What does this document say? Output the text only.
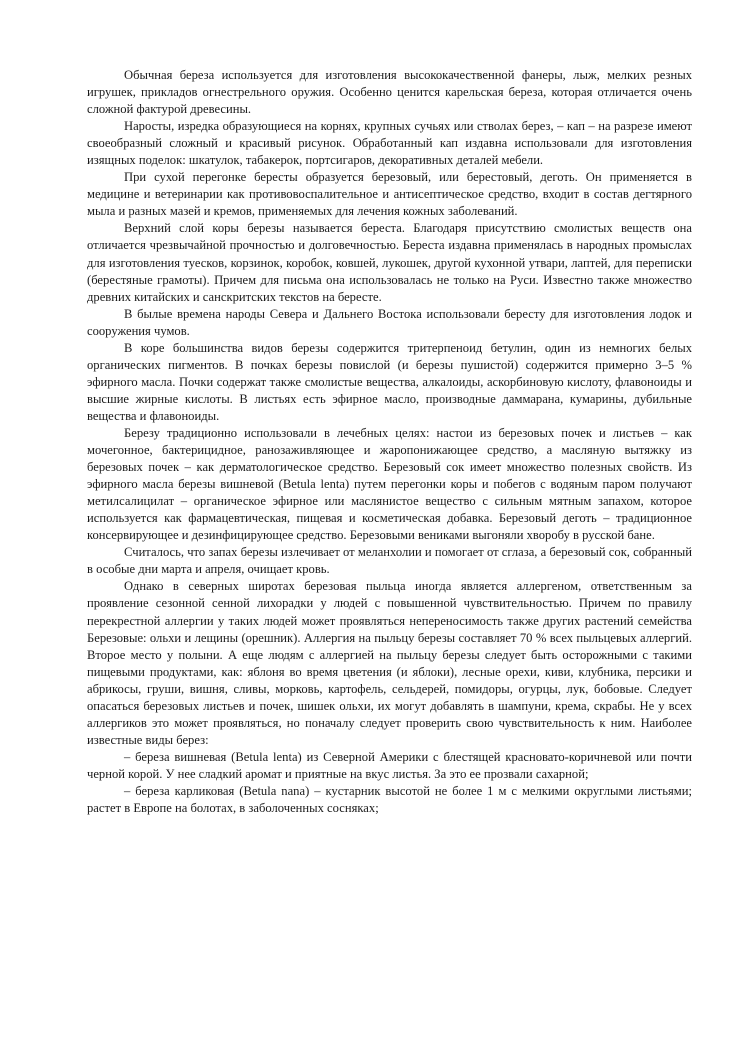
Обычная береза используется для изготовления высококачественной фанеры, лыж, мелких резных игрушек, прикладов огнестрельного оружия. Особенно ценится карельская береза, которая отличается очень сложной фактурой древесины.

Наросты, изредка образующиеся на корнях, крупных сучьях или стволах берез, – кап – на разрезе имеют своеобразный сложный и красивый рисунок. Обработанный кап издавна использовали для изготовления изящных поделок: шкатулок, табакерок, портсигаров, декоративных деталей мебели.

При сухой перегонке бересты образуется березовый, или берестовый, деготь. Он применяется в медицине и ветеринарии как противовоспалительное и антисептическое средство, входит в состав дегтярного мыла и разных мазей и кремов, применяемых для лечения кожных заболеваний.

Верхний слой коры березы называется береста. Благодаря присутствию смолистых веществ она отличается чрезвычайной прочностью и долговечностью. Береста издавна применялась в народных промыслах для изготовления туесков, корзинок, коробок, ковшей, лукошек, другой кухонной утвари, лаптей, для переписки (берестяные грамоты). Причем для письма она использовалась не только на Руси. Известно также множество древних китайских и санскритских текстов на бересте.

В былые времена народы Севера и Дальнего Востока использовали бересту для изготовления лодок и сооружения чумов.

В коре большинства видов березы содержится тритерпеноид бетулин, один из немногих белых органических пигментов. В почках березы повислой (и березы пушистой) содержится примерно 3–5 % эфирного масла. Почки содержат также смолистые вещества, алкалоиды, аскорбиновую кислоту, флавоноиды и высшие жирные кислоты. В листьях есть эфирное масло, производные даммарана, кумарины, дубильные вещества и флавоноиды.

Березу традиционно использовали в лечебных целях: настои из березовых почек и листьев – как мочегонное, бактерицидное, ранозаживляющее и жаропонижающее средство, а масляную вытяжку из березовых почек – как дерматологическое средство. Березовый сок имеет множество полезных свойств. Из эфирного масла березы вишневой (Betula lenta) путем перегонки коры и побегов с водяным паром получают метилсалицилат – органическое эфирное или маслянистое вещество с сильным мятным запахом, которое используется как фармацевтическая, пищевая и косметическая добавка. Березовый деготь – традиционное консервирующее и дезинфицирующее средство. Березовыми вениками выгоняли хворобу в русской бане.

Считалось, что запах березы излечивает от меланхолии и помогает от сглаза, а березовый сок, собранный в особые дни марта и апреля, очищает кровь.

Однако в северных широтах березовая пыльца иногда является аллергеном, ответственным за проявление сезонной сенной лихорадки у людей с повышенной чувствительностью. Причем по правилу перекрестной аллергии у таких людей может проявляться непереносимость также других растений семейства Березовые: ольхи и лещины (орешник). Аллергия на пыльцу березы составляет 70 % всех пыльцевых аллергий. Второе место у полыни. А еще людям с аллергией на пыльцу березы следует быть осторожными с такими пищевыми продуктами, как: яблоня во время цветения (и яблоки), лесные орехи, киви, клубника, персики и абрикосы, груши, вишня, сливы, морковь, картофель, сельдерей, помидоры, огурцы, лук, бобовые. Следует опасаться березовых листьев и почек, шишек ольхи, их могут добавлять в шампуни, крема, скрабы. Не у всех аллергиков это может проявляться, но поначалу следует проверить свою чувствительность к ним. Наиболее известные виды берез:

– береза вишневая (Betula lenta) из Северной Америки с блестящей красновато-коричневой или почти черной корой. У нее сладкий аромат и приятные на вкус листья. За это ее прозвали сахарной;

– береза карликовая (Betula nana) – кустарник высотой не более 1 м с мелкими округлыми листьями; растет в Европе на болотах, в заболоченных сосняках;
